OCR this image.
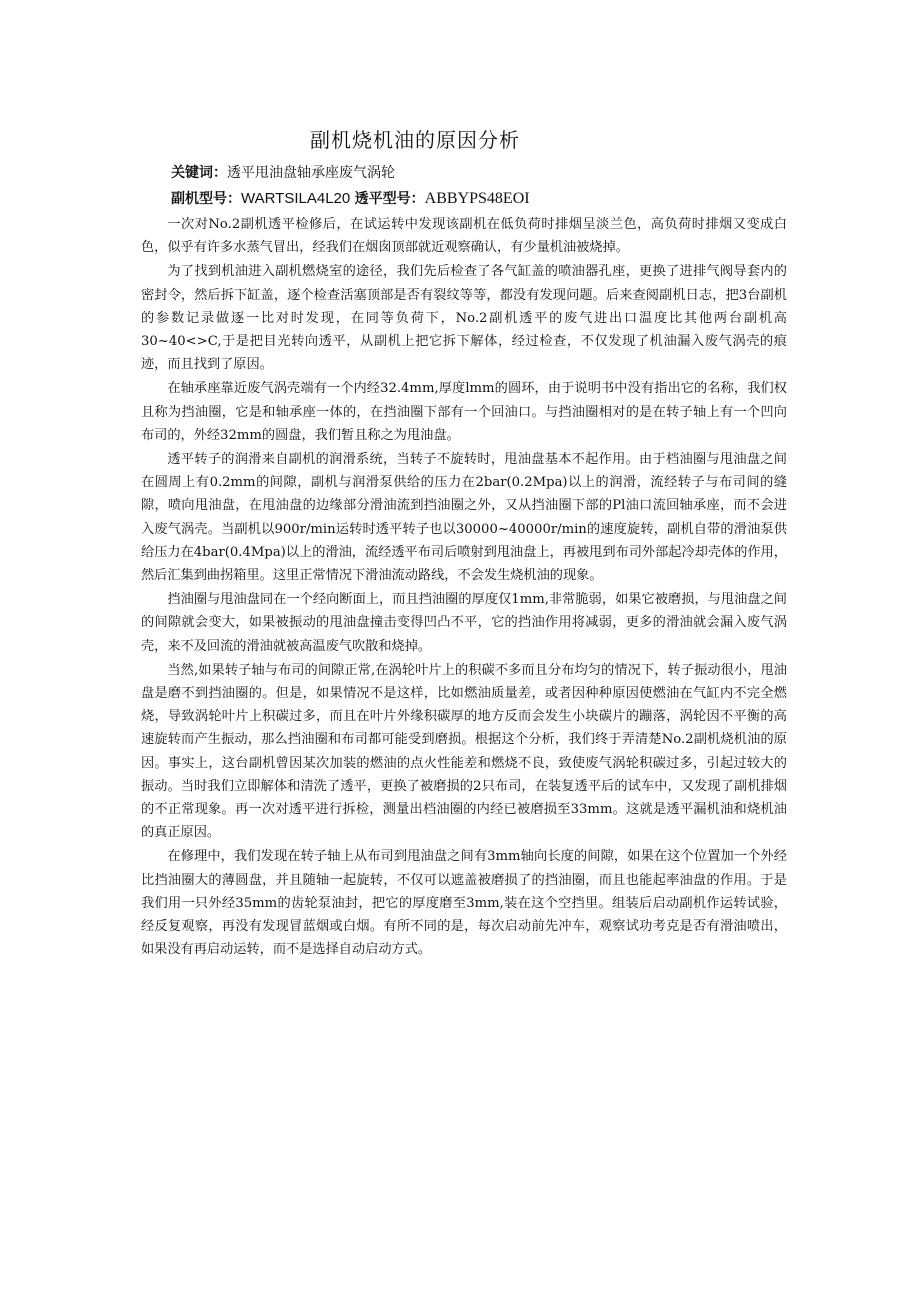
副机烧机油的原因分析
关键词：透平甩油盘轴承座废气涡轮
副机型号：WARTSILA4L20 透平型号：ABBYPS48EOI

一次对No.2副机透平检修后，在试运转中发现该副机在低负荷时排烟呈淡兰色，高负荷时排烟又变成白色，似乎有许多水蒸气冒出，经我们在烟囱顶部就近观察确认，有少量机油被烧掉。

为了找到机油进入副机燃烧室的途径，我们先后检查了各气缸盖的喷油器孔座，更换了进排气阀导套内的密封令，然后拆下缸盖，逐个检查活塞顶部是否有裂纹等等，都没有发现问题。后来查阅副机日志，把3台副机的参数记录做逐一比对时发现，在同等负荷下，No.2副机透平的废气进出口温度比其他两台副机高30~40<>C,于是把目光转向透平，从副机上把它拆下解体，经过检查，不仅发现了机油漏入废气涡壳的痕迹，而且找到了原因。

在轴承座靠近废气涡壳端有一个内经32.4mm,厚度lmm的圆环，由于说明书中没有指出它的名称，我们权且称为挡油圈，它是和轴承座一体的，在挡油圈下部有一个回油口。与挡油圈相对的是在转子轴上有一个凹向布司的，外经32mm的圆盘，我们暂且称之为甩油盘。

透平转子的润滑来自副机的润滑系统，当转子不旋转时，甩油盘基本不起作用。由于档油圈与甩油盘之间在圆周上有0.2mm的间隙，副机与润滑泵供给的压力在2bar(0.2Mpa)以上的润滑，流经转子与布司间的缝隙，喷向甩油盘，在甩油盘的边缘部分滑油流到挡油圈之外，又从挡油圈下部的Pl油口流回轴承座，而不会进入废气涡壳。当副机以900r/min运转时透平转子也以30000~40000r/min的速度旋转，副机自带的滑油泵供给压力在4bar(0.4Mpa)以上的滑油，流经透平布司后喷射到甩油盘上，再被甩到布司外部起冷却壳体的作用，然后汇集到曲拐箱里。这里正常情况下滑油流动路线，不会发生烧机油的现象。

挡油圈与甩油盘同在一个经向断面上，而且挡油圈的厚度仅1mm,非常脆弱，如果它被磨损，与甩油盘之间的间隙就会变大，如果被振动的甩油盘撞击变得凹凸不平，它的挡油作用将减弱，更多的滑油就会漏入废气涡壳，来不及回流的滑油就被高温废气吹散和烧掉。

当然,如果转子轴与布司的间隙正常,在涡轮叶片上的积碳不多而且分布均匀的情况下，转子振动很小，甩油盘是磨不到挡油圈的。但是，如果情况不是这样，比如燃油质量差，或者因种种原因使燃油在气缸内不完全燃烧，导致涡轮叶片上积碳过多，而且在叶片外缘积碳厚的地方反而会发生小块碳片的蹦落，涡轮因不平衡的高速旋转而产生振动，那么挡油圈和布司都可能受到磨损。根据这个分析，我们终于弄清楚No.2副机烧机油的原因。事实上，这台副机曾因某次加装的燃油的点火性能差和燃烧不良，致使废气涡轮积碳过多，引起过较大的振动。当时我们立即解体和清洗了透平，更换了被磨损的2只布司，在装复透平后的试车中，又发现了副机排烟的不正常现象。再一次对透平进行拆检，测量出档油圈的内经已被磨损至33mm。这就是透平漏机油和烧机油的真正原因。

在修理中，我们发现在转子轴上从布司到甩油盘之间有3mm轴向长度的间隙，如果在这个位置加一个外经比挡油圈大的薄圆盘，并且随轴一起旋转，不仅可以遮盖被磨损了的挡油圈，而且也能起率油盘的作用。于是我们用一只外经35mm的齿轮泵油封，把它的厚度磨至3mm,装在这个空挡里。组装后启动副机作运转试验，经反复观察，再没有发现冒蓝烟或白烟。有所不同的是，每次启动前先冲车，观察试功考克是否有滑油喷出，如果没有再启动运转，而不是选择自动启动方式。
